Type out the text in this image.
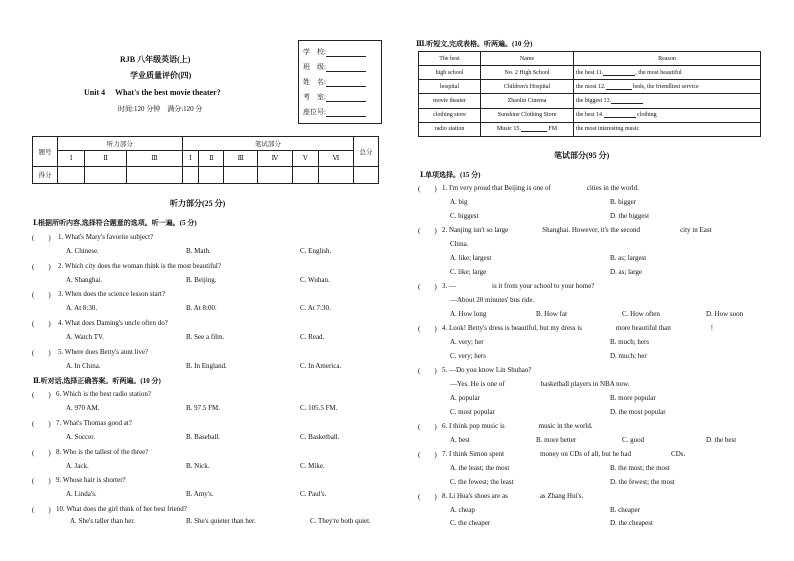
RJB 八年级英语(上)
学业质量评价(四)
Unit 4　 What's the best movie theater?
时间:120 分钟　满分:120 分
学　校:
班　级:
姓　名:
考　室:
座位号:
题号	听力部分			笔试部分						总分
	Ⅰ	Ⅱ	Ⅲ	Ⅰ	Ⅱ	Ⅲ	Ⅳ	Ⅴ	Ⅵ	
得分										
听力部分(25 分)
Ⅰ.根据所听内容,选择符合题意的选项。听一遍。(5 分)
(　　) 1. What's Mary's favorite subject?
A. Chinese.	B. Math.	C. English.
(　　) 2. Which city does the woman think is the most beautiful?
A. Shanghai.	B. Beijing.	C. Wuhan.
(　　) 3. When does the science lesson start?
A. At 8:30.	B. At 8:00.	C. At 7:30.
(　　) 4. What does Daming's uncle often do?
A. Watch TV.	B. See a film.	C. Read.
(　　) 5. Where does Betty's aunt live?
A. In China.	B. In England.	C. In America.
Ⅱ.听对话,选择正确答案。听两遍。(10 分)
(　　) 6. Which is the best radio station?
A. 970 AM.	B. 97.5 FM.	C. 105.5 FM.
(　　) 7. What's Thomas good at?
A. Soccer.	B. Baseball.	C. Basketball.
(　　) 8. Who is the tallest of the three?
A. Jack.	B. Nick.	C. Mike.
(　　) 9. Whose hair is shorter?
A. Linda's.	B. Amy's.	C. Paul's.
(　　) 10. What does the girl think of her best friend?
A. She's taller than her.	B. She's quieter than her.	C. They're both quiet.
Ⅲ.听短文,完成表格。听两遍。(10 分)
The best	Name	Reason
high school	No. 2 High School	the best 11. , the most beautiful
hospital	Children's Hospital	the most 12. beds, the friendliest service
movie theater	Zhaolin Cinema	the biggest 13.
clothing store	Sunshine Clothing Store	the best 14. clothing
radio station	Music 15. FM	the most interesting music
笔试部分(95 分)
Ⅰ.单项选择。(15 分)
(　　) 1. I'm very proud that Beijing is one of	cities in the world.
A. big	B. bigger
C. biggest	D. the biggest
(　　) 2. Nanjing isn't so large	Shanghai. However, it's the second	city in East
China.
A. like; largest	B. as; largest
C. like; large	D. as; large
(　　) 3. —	is it from your school to your home?
—About 20 minutes' bus ride.
A. How long	B. How far	C. How often	D. How soon
(　　) 4. Look! Betty's dress is beautiful, but my dress is	more beautiful than	!
A. very; her	B. much; hers
C. very; hers	D. much; her
(　　) 5. —Do you know Lin Shuhao?
—Yes. He is one of	basketball players in NBA now.
A. popular	B. more popular
C. most popular	D. the most popular
(　　) 6. I think pop music is	music in the world.
A. best	B. more better	C. good	D. the best
(　　) 7. I think Simon spent	money on CDs of all, but he had	CDs.
A. the least; the most	B. the most; the most
C. the fewest; the least	D. the fewest; the most
(　　) 8. Li Hua's shoes are as	as Zhang Hui's.
A. cheap	B. cheaper
C. the cheaper	D. the cheapest
